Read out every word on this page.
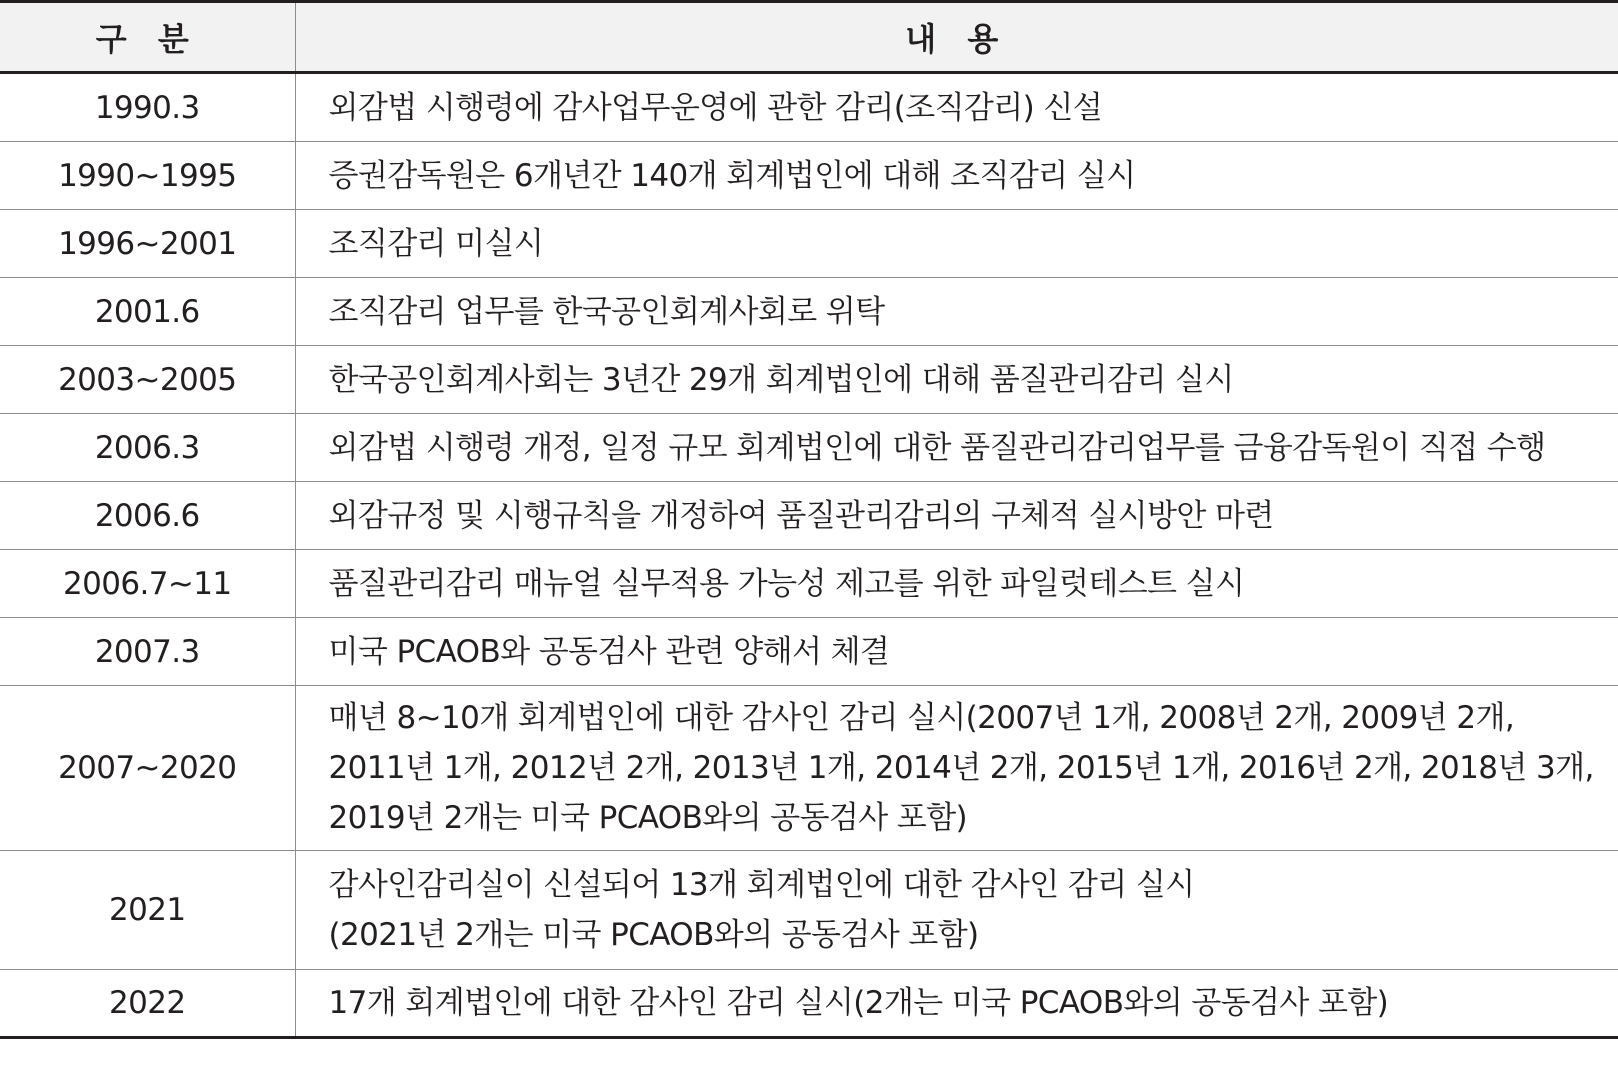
구 분	내 용
1990.3	외감법 시행령에 감사업무운영에 관한 감리(조직감리) 신설

1990~1995	증권감독원은 6개년간 140개 회계법인에 대해 조직감리 실시

1996~2001	조직감리 미실시

2001.6	조직감리 업무를 한국공인회계사회로 위탁

2003~2005	한국공인회계사회는 3년간 29개 회계법인에 대해 품질관리감리 실시

2006.3	외감법 시행령 개정, 일정 규모 회계법인에 대한 품질관리감리업무를 금융감독원이 직접 수행

2006.6	외감규정 및 시행규칙을 개정하여 품질관리감리의 구체적 실시방안 마련

2006.7~11	품질관리감리 매뉴얼 실무적용 가능성 제고를 위한 파일럿테스트 실시

2007.3	미국 PCAOB와 공동검사 관련 양해서 체결

2007~2020	매년 8∼10개 회계법인에 대한 감사인 감리 실시(2007년 1개, 2008년 2개, 2009년 2개,
2011년 1개, 2012년 2개, 2013년 1개, 2014년 2개, 2015년 1개, 2016년 2개, 2018년 3개,
2019년 2개는 미국 PCAOB와의 공동검사 포함)

2021	감사인감리실이 신설되어 13개 회계법인에 대한 감사인 감리 실시
(2021년 2개는 미국 PCAOB와의 공동검사 포함)

2022	17개 회계법인에 대한 감사인 감리 실시(2개는 미국 PCAOB와의 공동검사 포함)
